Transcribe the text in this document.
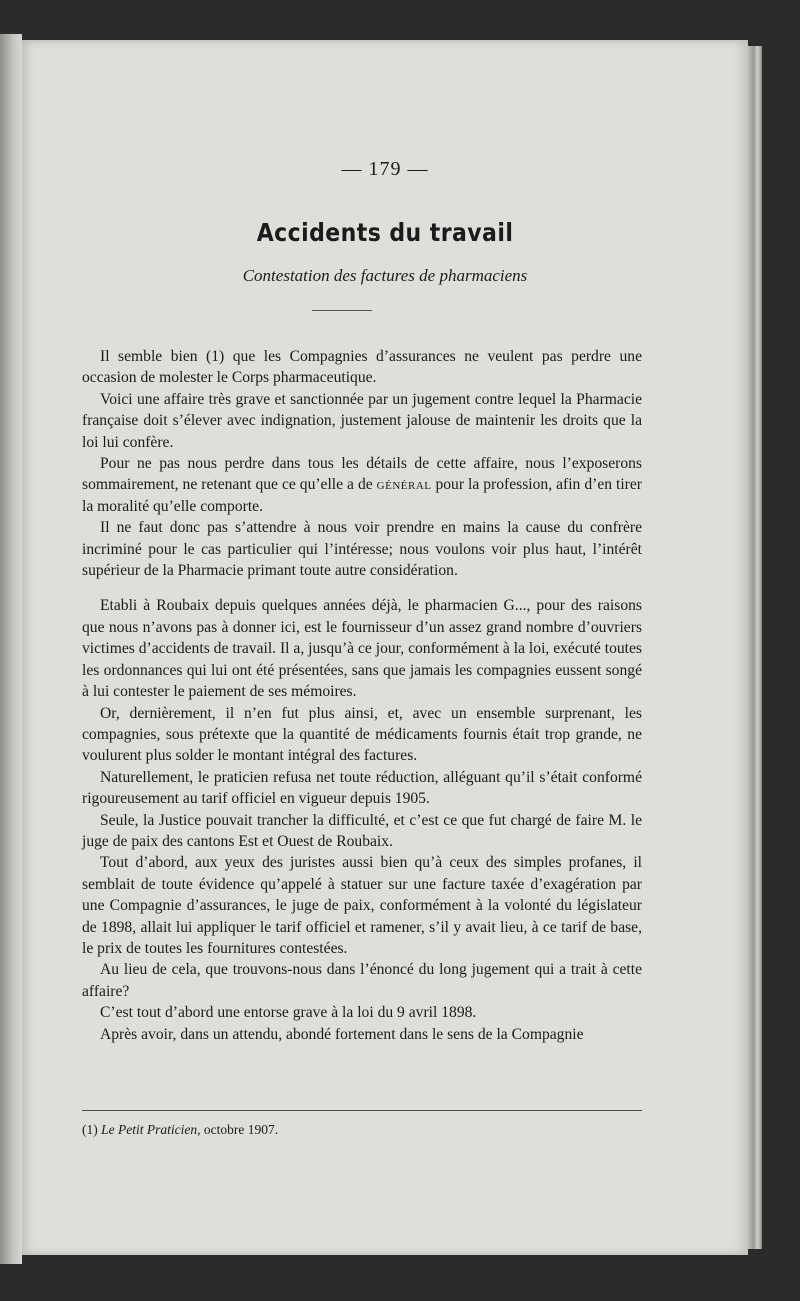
— 179 —
Accidents du travail
Contestation des factures de pharmaciens

Il semble bien (1) que les Compagnies d’assurances ne veulent pas perdre une occasion de molester le Corps pharmaceutique.

Voici une affaire très grave et sanctionnée par un jugement contre lequel la Pharmacie française doit s’élever avec indignation, justement jalouse de maintenir les droits que la loi lui confère.

Pour ne pas nous perdre dans tous les détails de cette affaire, nous l’exposerons sommairement, ne retenant que ce qu’elle a de général pour la profession, afin d’en tirer la moralité qu’elle comporte.

Il ne faut donc pas s’attendre à nous voir prendre en mains la cause du confrère incriminé pour le cas particulier qui l’intéresse; nous voulons voir plus haut, l’intérêt supérieur de la Pharmacie primant toute autre considération.

Etabli à Roubaix depuis quelques années déjà, le pharmacien G..., pour des raisons que nous n’avons pas à donner ici, est le fournisseur d’un assez grand nombre d’ouvriers victimes d’accidents de travail. Il a, jusqu’à ce jour, conformément à la loi, exécuté toutes les ordonnances qui lui ont été présentées, sans que jamais les compagnies eussent songé à lui contester le paiement de ses mémoires.

Or, dernièrement, il n’en fut plus ainsi, et, avec un ensemble surprenant, les compagnies, sous prétexte que la quantité de médicaments fournis était trop grande, ne voulurent plus solder le montant intégral des factures.

Naturellement, le praticien refusa net toute réduction, alléguant qu’il s’était conformé rigoureusement au tarif officiel en vigueur depuis 1905.

Seule, la Justice pouvait trancher la difficulté, et c’est ce que fut chargé de faire M. le juge de paix des cantons Est et Ouest de Roubaix.

Tout d’abord, aux yeux des juristes aussi bien qu’à ceux des simples profanes, il semblait de toute évidence qu’appelé à statuer sur une facture taxée d’exagération par une Compagnie d’assurances, le juge de paix, conformément à la volonté du législateur de 1898, allait lui appliquer le tarif officiel et ramener, s’il y avait lieu, à ce tarif de base, le prix de toutes les fournitures contestées.

Au lieu de cela, que trouvons-nous dans l’énoncé du long jugement qui a trait à cette affaire?

C’est tout d’abord une entorse grave à la loi du 9 avril 1898.

Après avoir, dans un attendu, abondé fortement dans le sens de la Compagnie

(1) Le Petit Praticien, octobre 1907.
